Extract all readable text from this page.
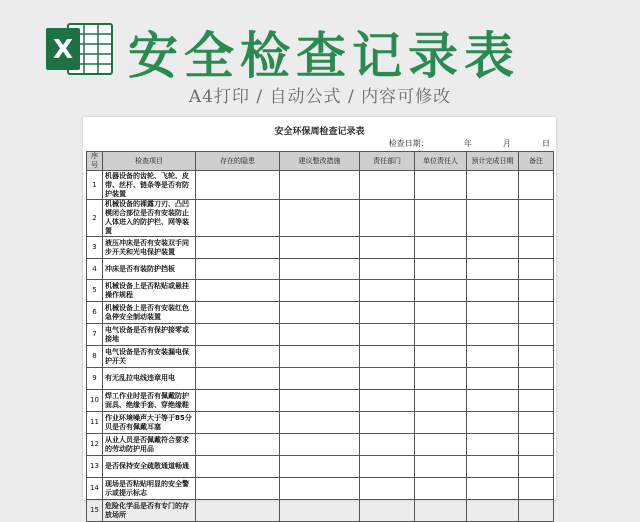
X 安全检查记录表
A4打印 / 自动公式 / 内容可修改
安全环保周检查记录表
检查日期：	年	月	日
序号	检查项目	存在的隐患	建议整改措施	责任部门	单位责任人	预计完成日期	备注
1	机器设备的齿轮、飞轮、皮带、丝杆、链条等是否有防护装置						
2	机械设备的裸露刀刃、凸凹模闭合部位是否有安装防止人体进入的防护栏、网等装置						
3	液压冲床是否有安装双手同步开关和光电保护装置						
4	冲床是否有装防护挡板						
5	机械设备上是否粘贴或悬挂操作规程						
6	机械设备上是否有安装红色急停安全制动装置						
7	电气设备是否有保护接零或接地						
8	电气设备是否有安装漏电保护开关						
9	有无乱拉电线违章用电						
10	焊工作业时是否有佩戴防护面具、绝缘手套、穿绝缘鞋						
11	作业环境噪声大于等于85分贝是否有佩戴耳塞						
12	从业人员是否佩戴符合要求的劳动防护用品						
13	是否保持安全疏散通道畅通						
14	现场是否粘贴明显的安全警示或提示标志						
15	危险化学品是否有专门的存放场所						
